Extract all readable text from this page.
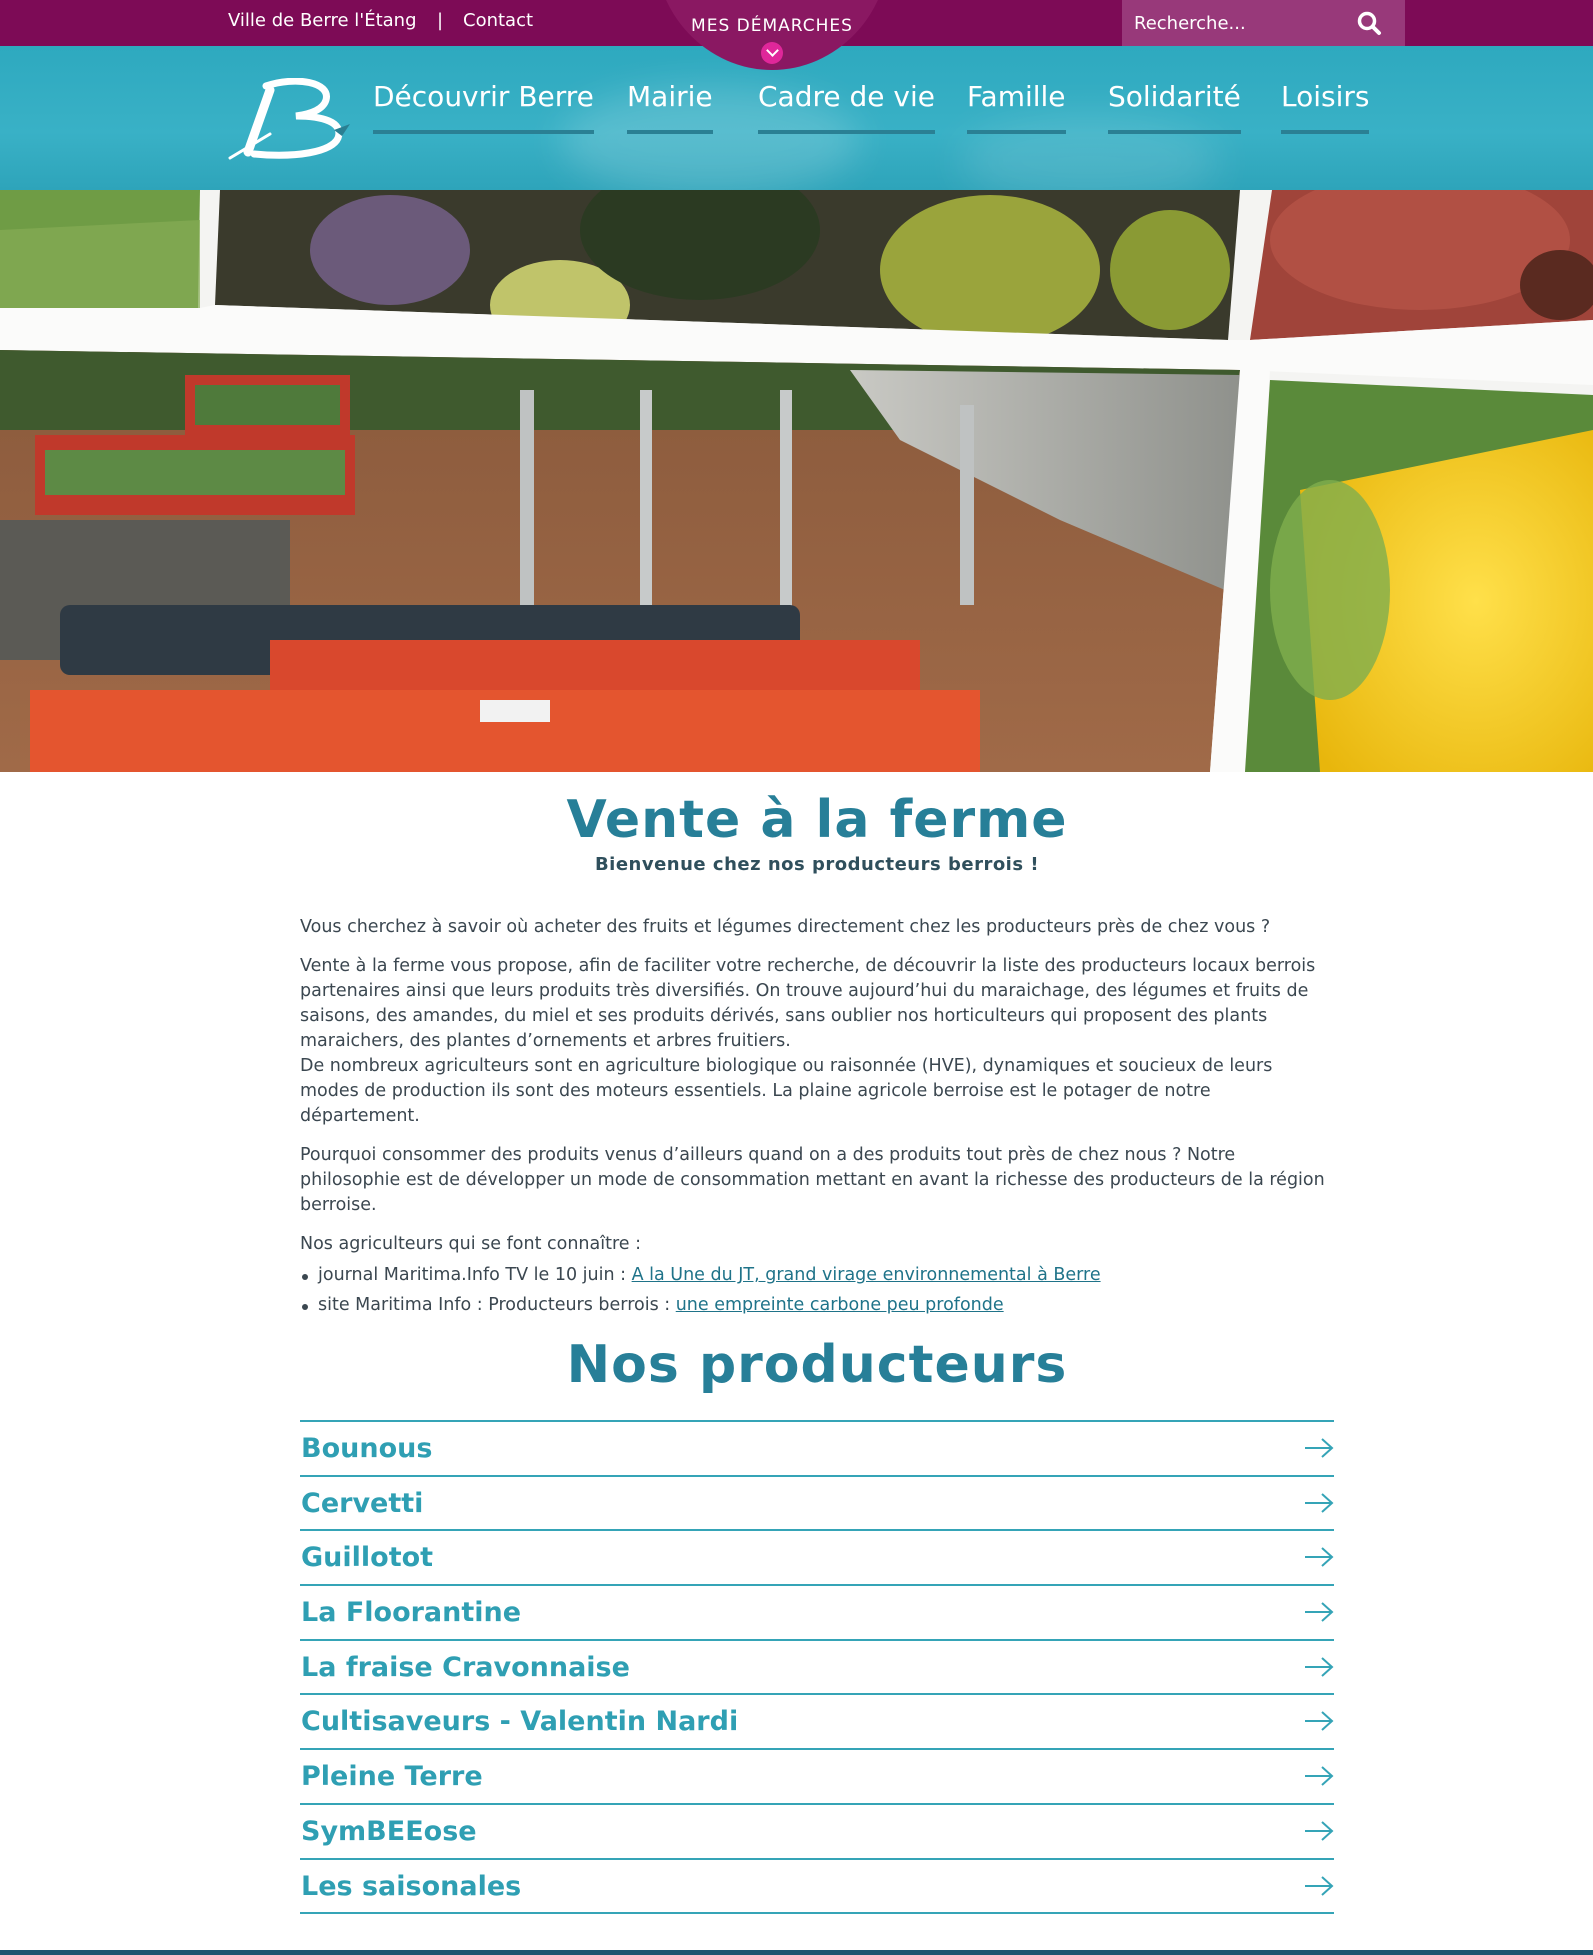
Ville de Berre l'Étang | Contact
Recherche...	MES DÉMARCHES
Découvrir Berre Mairie Cadre de vie Famille Solidarité Loisirs
Vente à la ferme
Bienvenue chez nos producteurs berrois !

Vous cherchez à savoir où acheter des fruits et légumes directement chez les producteurs près de chez vous ?

Vente à la ferme vous propose, afin de faciliter votre recherche, de découvrir la liste des producteurs locaux berrois partenaires ainsi que leurs produits très diversifiés. On trouve aujourd’hui du maraichage, des légumes et fruits de saisons, des amandes, du miel et ses produits dérivés, sans oublier nos horticulteurs qui proposent des plants maraichers, des plantes d’ornements et arbres fruitiers.
De nombreux agriculteurs sont en agriculture biologique ou raisonnée (HVE), dynamiques et soucieux de leurs modes de production ils sont des moteurs essentiels. La plaine agricole berroise est le potager de notre département.

Pourquoi consommer des produits venus d’ailleurs quand on a des produits tout près de chez nous ? Notre philosophie est de développer un mode de consommation mettant en avant la richesse des producteurs de la région berroise.

Nos agriculteurs qui se font connaître :

journal Maritima.Info TV le 10 juin : A la Une du JT, grand virage environnemental à Berre
site Maritima Info : Producteurs berrois : une empreinte carbone peu profonde
Nos producteurs
Bounous
Cervetti
Guillotot
La Floorantine
La fraise Cravonnaise
Cultisaveurs - Valentin Nardi
Pleine Terre
SymBEEose
Les saisonales
